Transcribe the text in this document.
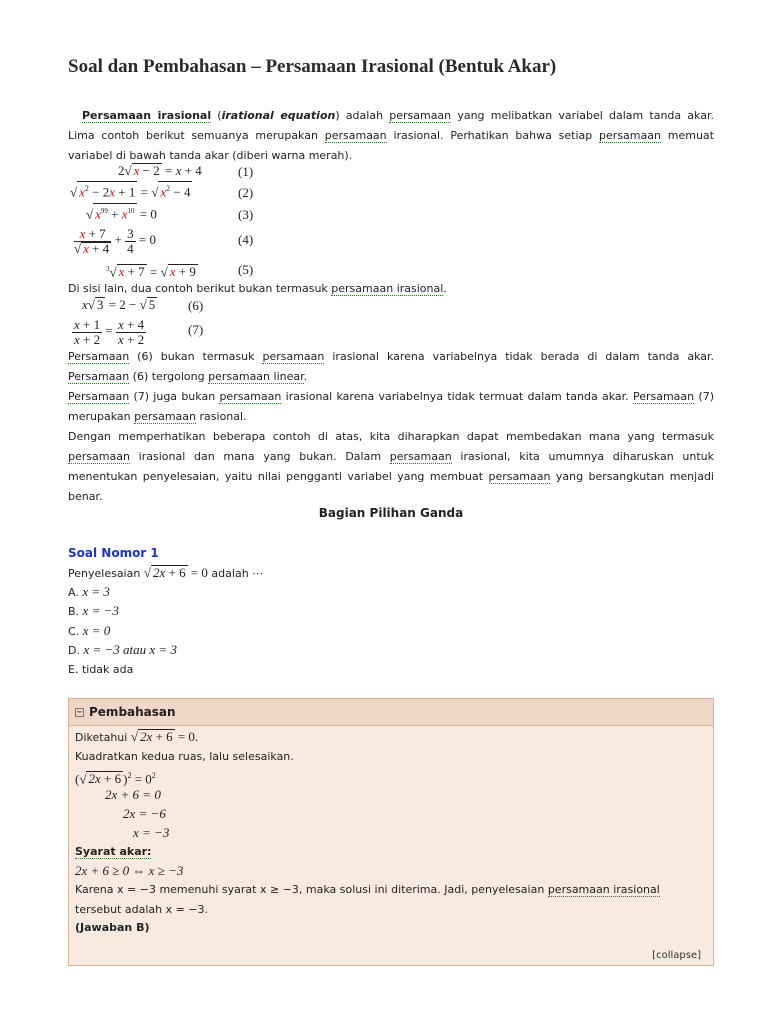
Soal dan Pembahasan – Persamaan Irasional (Bentuk Akar)

Persamaan irasional (irational equation) adalah persamaan yang melibatkan variabel dalam tanda akar. Lima contoh berikut semuanya merupakan persamaan irasional. Perhatikan bahwa setiap persamaan memuat variabel di bawah tanda akar (diberi warna merah).

2√ x − 2 = x + 4	(1)
√ $x^2 - 2x + 1$ = √ $x^2 - 4$	(2)
√ $x^{99} + x^{10} = 0$	(3)
$\frac{x + 7}{√ x + 4} + \frac{3}{4} = 0$	(4)
$^3$√ x + 7 = √ x + 9	(5)

Di sisi lain, dua contoh berikut bukan termasuk persamaan irasional.

x√ 3 = 2 − √ 5	(6)
$\frac{x + 1}{x + 2} = \frac{x + 4}{x + 2}$	(7)

Persamaan (6) bukan termasuk persamaan irasional karena variabelnya tidak berada di dalam tanda akar. Persamaan (6) tergolong persamaan linear.

Persamaan (7) juga bukan persamaan irasional karena variabelnya tidak termuat dalam tanda akar. Persamaan (7) merupakan persamaan rasional.

Dengan memperhatikan beberapa contoh di atas, kita diharapkan dapat membedakan mana yang termasuk persamaan irasional dan mana yang bukan. Dalam persamaan irasional, kita umumnya diharuskan untuk menentukan penyelesaian, yaitu nilai pengganti variabel yang membuat persamaan yang bersangkutan menjadi benar.

Bagian Pilihan Ganda
Soal Nomor 1
Penyelesaian √ 2x + 6 = 0 adalah ⋯
A. x = 3
B. x = −3
C. x = 0
D. x = −3 atau x = 3
E. tidak ada
− Pembahasan
Diketahui √ 2x + 6 = 0.
Kuadratkan kedua ruas, lalu selesaikan.
(√ 2x + 6 )$^2 = 0^2$
2x + 6 = 0
2x = −6
x = −3
Syarat akar:
2x + 6 ≥ 0 ⇔ x ≥ −3
Karena x = −3 memenuhi syarat x ≥ −3, maka solusi ini diterima. Jadi, penyelesaian persamaan irasional tersebut adalah x = −3.
(Jawaban B)
[collapse]
